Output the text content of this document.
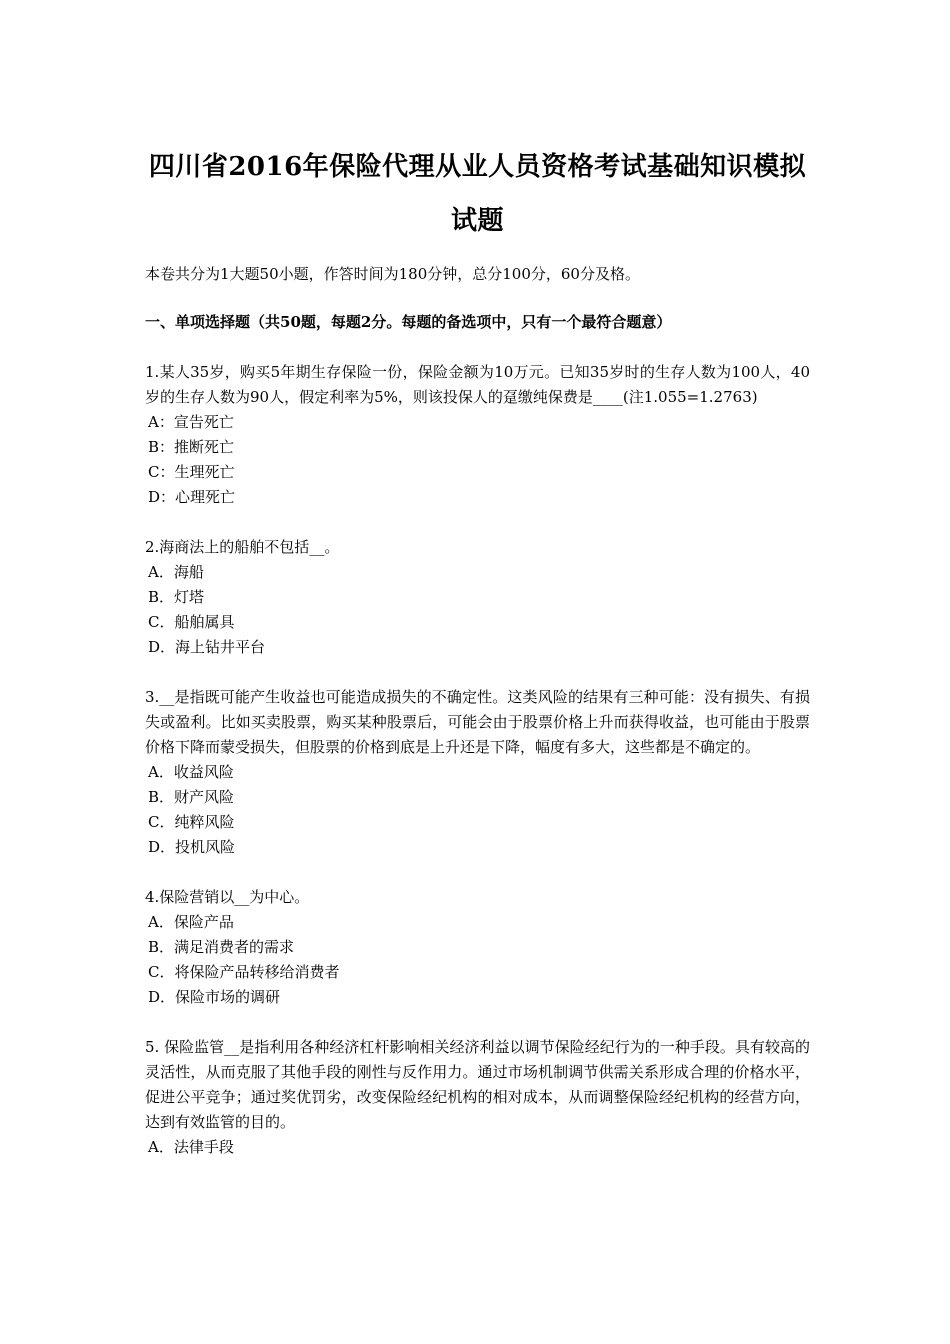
四川省2016年保险代理从业人员资格考试基础知识模拟试题

本卷共分为1大题50小题，作答时间为180分钟，总分100分，60分及格。

一、单项选择题（共50题，每题2分。每题的备选项中，只有一个最符合题意）

1.某人35岁，购买5年期生存保险一份，保险金额为10万元。已知35岁时的生存人数为100人，40岁的生存人数为90人，假定利率为5%，则该投保人的趸缴纯保费是____(注1.055=1.2763)

A：宣告死亡

B：推断死亡

C：生理死亡

D：心理死亡

2.海商法上的船舶不包括__。

A．海船

B．灯塔

C．船舶属具

D．海上钻井平台

3.__是指既可能产生收益也可能造成损失的不确定性。这类风险的结果有三种可能：没有损失、有损失或盈利。比如买卖股票，购买某种股票后，可能会由于股票价格上升而获得收益，也可能由于股票价格下降而蒙受损失，但股票的价格到底是上升还是下降，幅度有多大，这些都是不确定的。

A．收益风险

B．财产风险

C．纯粹风险

D．投机风险

4.保险营销以__为中心。

A．保险产品

B．满足消费者的需求

C．将保险产品转移给消费者

D．保险市场的调研

5. 保险监管__是指利用各种经济杠杆影响相关经济利益以调节保险经纪行为的一种手段。具有较高的灵活性，从而克服了其他手段的刚性与反作用力。通过市场机制调节供需关系形成合理的价格水平，促进公平竞争；通过奖优罚劣，改变保险经纪机构的相对成本，从而调整保险经纪机构的经营方向，达到有效监管的目的。

A．法律手段
